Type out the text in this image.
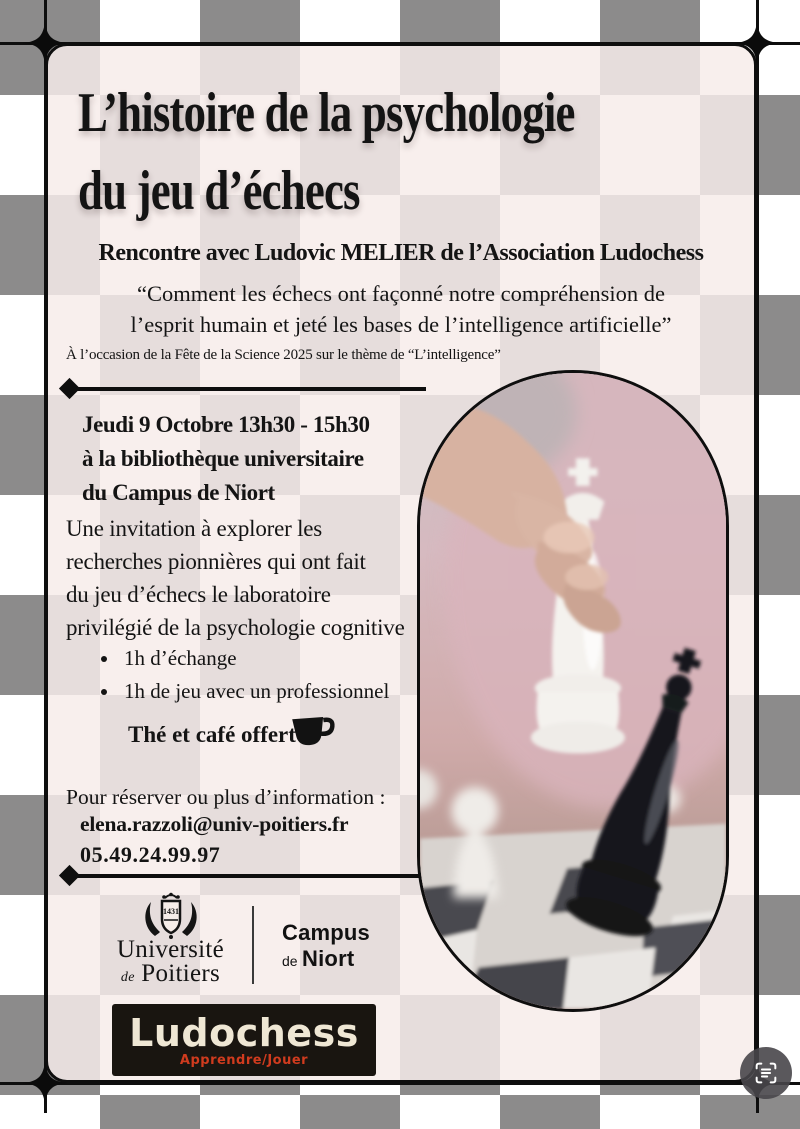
L’histoire de la psychologie
du jeu d’échecs
Rencontre avec Ludovic MELIER de l’Association Ludochess
“Comment les échecs ont façonné notre compréhension de
l’esprit humain et jeté les bases de l’intelligence artificielle”
À l’occasion de la Fête de la Science 2025 sur le thème de “L’intelligence”
Jeudi 9 Octobre 13h30 - 15h30
à la bibliothèque universitaire
du Campus de Niort
Une invitation à explorer les
recherches pionnières qui ont fait
du jeu d’échecs le laboratoire
privilégié de la psychologie cognitive
• 1h d’échange
• 1h de jeu avec un professionnel
Thé et café offert
Pour réserver ou plus d’information :
elena.razzoli@univ-poitiers.fr
05.49.24.99.97
1431
Université
de Poitiers
Campus
de Niort
Ludochess
Apprendre/Jouer
